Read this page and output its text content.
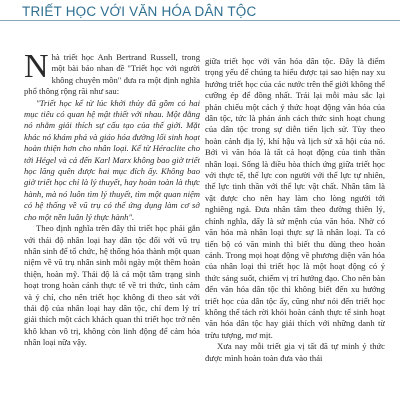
TRIẾT HỌC VỚI VĂN HÓA DÂN TỘC

Nhà triết học Anh Bertrand Russell, trong một bài báo nhan đề "Triết học với người không chuyên môn" đưa ra một định nghĩa phổ thông rộng rãi như sau:

"Triết học kể từ lúc khởi thủy đã gồm có hai mục tiêu có quan hệ mật thiết với nhau. Một đằng nó nhằm giải thích sự cấu tạo của thế giới. Mặt khác nó khám phá và giáo hóa đường lối sinh hoạt hoàn thiện hơn cho nhân loại. Kể từ Héraclite cho tới Hégel và cả đến Karl Marx không bao giờ triết học lãng quên được hai mục đích ấy. Không bao giờ triết học chỉ là lý thuyết, hay hoàn toàn là thực hành, mà nó luôn tìm lý thuyết, tìm một quan niệm có hệ thống về vũ trụ có thể ứng dụng làm cơ sở cho một nền luân lý thực hành".

Theo định nghĩa trên đây thì triết học phải gắn với thái độ nhân loại hay dân tộc đối với vũ trụ nhân sinh để tổ chức, hệ thống hóa thành một quan niệm về vũ trụ nhân sinh mỗi ngày một thêm hoàn thiện, hoàn mỹ. Thái độ là cả một tâm trạng sinh hoạt trong hoàn cảnh thực tế về tri thức, tình cảm và ý chí, cho nên triết học không đi theo sát với thái độ của nhân loại hay dân tộc, chỉ đem lý trí giải thích một cách khách quan thì triết học trở nên khô khan vô trị, không còn linh động để cảm hóa nhân loại nữa vậy.

giữa triết học với văn hóa dân tộc. Đây là điểm trọng yếu để chúng ta hiểu được tại sao hiện nay xu hướng triết học của các nước trên thế giới không thể cưỡng ép để đồng nhất. Trái lại mỗi màu sắc lại phản chiếu một cách ý thức hoạt động văn hóa của dân tộc, tức là phản ánh cách thức sinh hoạt chung của dân tộc trong sự diễn tiến lịch sử. Tùy theo hoàn cảnh địa lý, khí hậu và lịch sử xã hội của nó. Bởi vì văn hóa là tất cả hoạt động của tinh thần nhân loại. Sống là điều hòa thích ứng giữa triết học với thực tế, thể lực con người với thể lực tự nhiên, thể lực tinh thần với thể lực vật chất. Nhân tâm là vật được cho nên hay làm cho lòng người tới nghiêng ngả. Đưa nhân tâm theo đường thiên lý, chính nghĩa, dấy là sứ mệnh của văn hóa. Nhờ có văn hóa mà nhân loại thực sự là nhân loại. Ta có tiến bộ có văn minh thì biết thu dùng theo hoàn cảnh. Trong mọi hoạt động về phương diện văn hóa của nhân loại thì triết học là một hoạt động có ý thức sáng suốt, chiếm vị trí hướng đạo. Cho nên bàn đến văn hóa dân tộc thì không biết đến xu hướng triết học của dân tộc ấy, cũng như nói đến triết học không thể tách rời khỏi hoàn cảnh thực tế sinh hoạt văn hóa dân tộc hay giải thích với những danh từ trừu tượng, mơ mịt.

Xưa nay mỗi triết gia vị tất đã tự minh ý thức được mình hoàn toàn đưa vào thái
